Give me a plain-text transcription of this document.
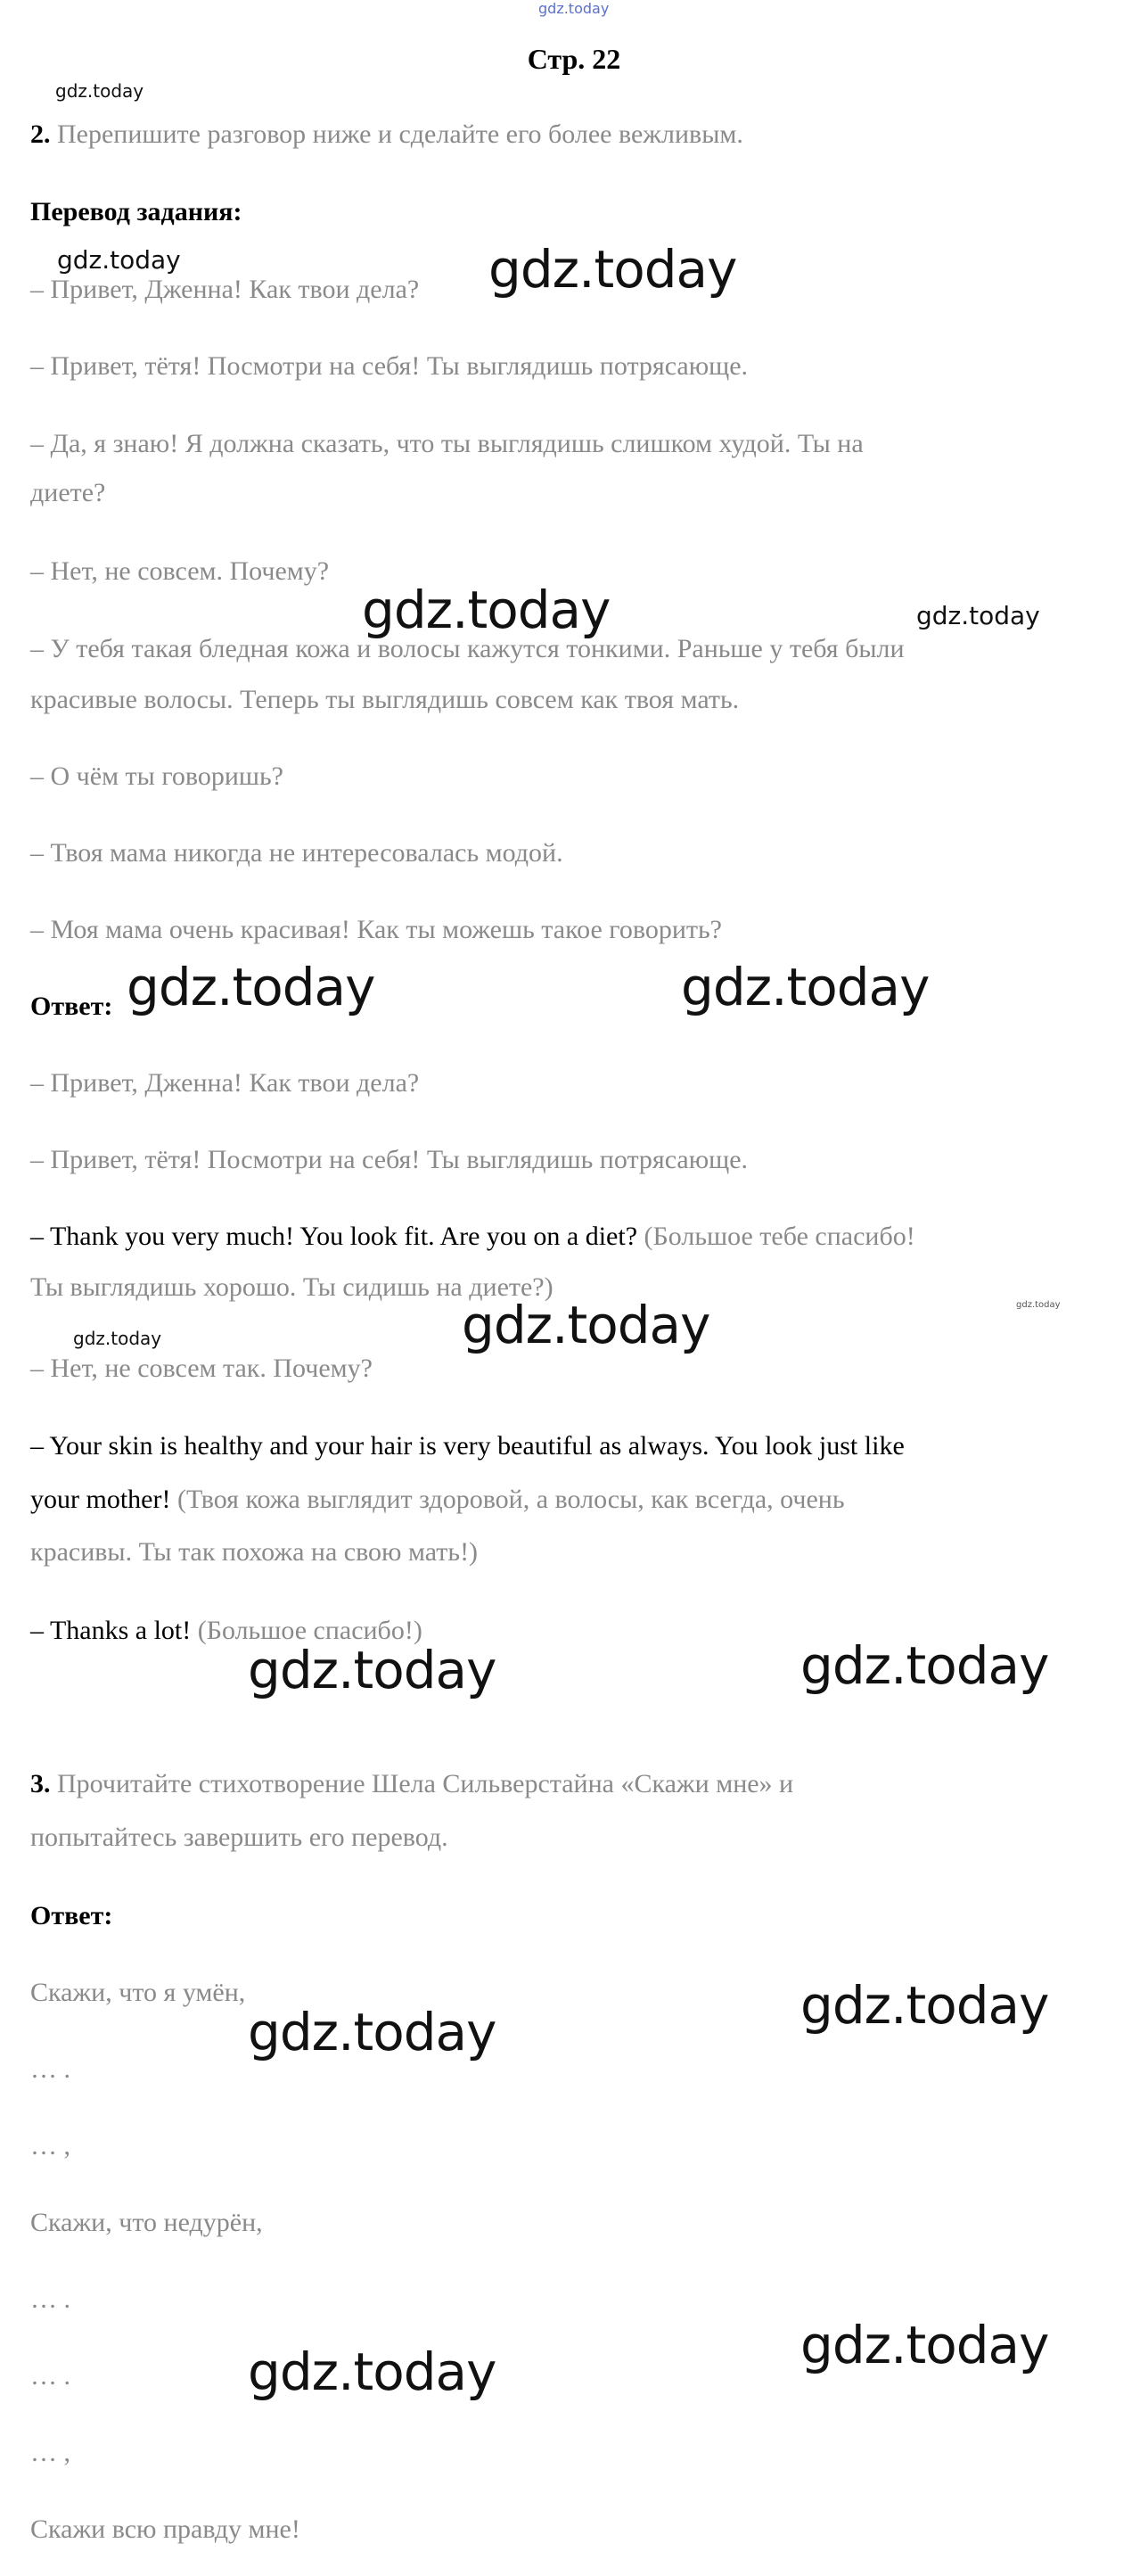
gdz.today
gdz.today
gdz.today	gdz.today
gdz.today	gdz.today
gdz.today	gdz.today
gdz.today	gdz.today	gdz.today
gdz.today	gdz.today
gdz.today
gdz.today
gdz.today
gdz.today
Стр. 22
2. Перепишите разговор ниже и сделайте его более вежливым.
Перевод задания:
– Привет, Дженна! Как твои дела?
– Привет, тётя! Посмотри на себя! Ты выглядишь потрясающе.
– Да, я знаю! Я должна сказать, что ты выглядишь слишком худой. Ты на
диете?
– Нет, не совсем. Почему?
– У тебя такая бледная кожа и волосы кажутся тонкими. Раньше у тебя были
красивые волосы. Теперь ты выглядишь совсем как твоя мать.
– О чём ты говоришь?
– Твоя мама никогда не интересовалась модой.
– Моя мама очень красивая! Как ты можешь такое говорить?
Ответ:
– Привет, Дженна! Как твои дела?
– Привет, тётя! Посмотри на себя! Ты выглядишь потрясающе.
– Thank you very much! You look fit. Are you on a diet? (Большое тебе спасибо!
Ты выглядишь хорошо. Ты сидишь на диете?)
– Нет, не совсем так. Почему?
– Your skin is healthy and your hair is very beautiful as always. You look just like
your mother! (Твоя кожа выглядит здоровой, а волосы, как всегда, очень
красивы. Ты так похожа на свою мать!)
– Thanks a lot! (Большое спасибо!)
3. Прочитайте стихотворение Шела Сильверстайна «Скажи мне» и
попытайтесь завершить его перевод.
Ответ:
Скажи, что я умён,
… .
… ,
Скажи, что недурён,
… .
… .
… ,
Скажи всю правду мне!
